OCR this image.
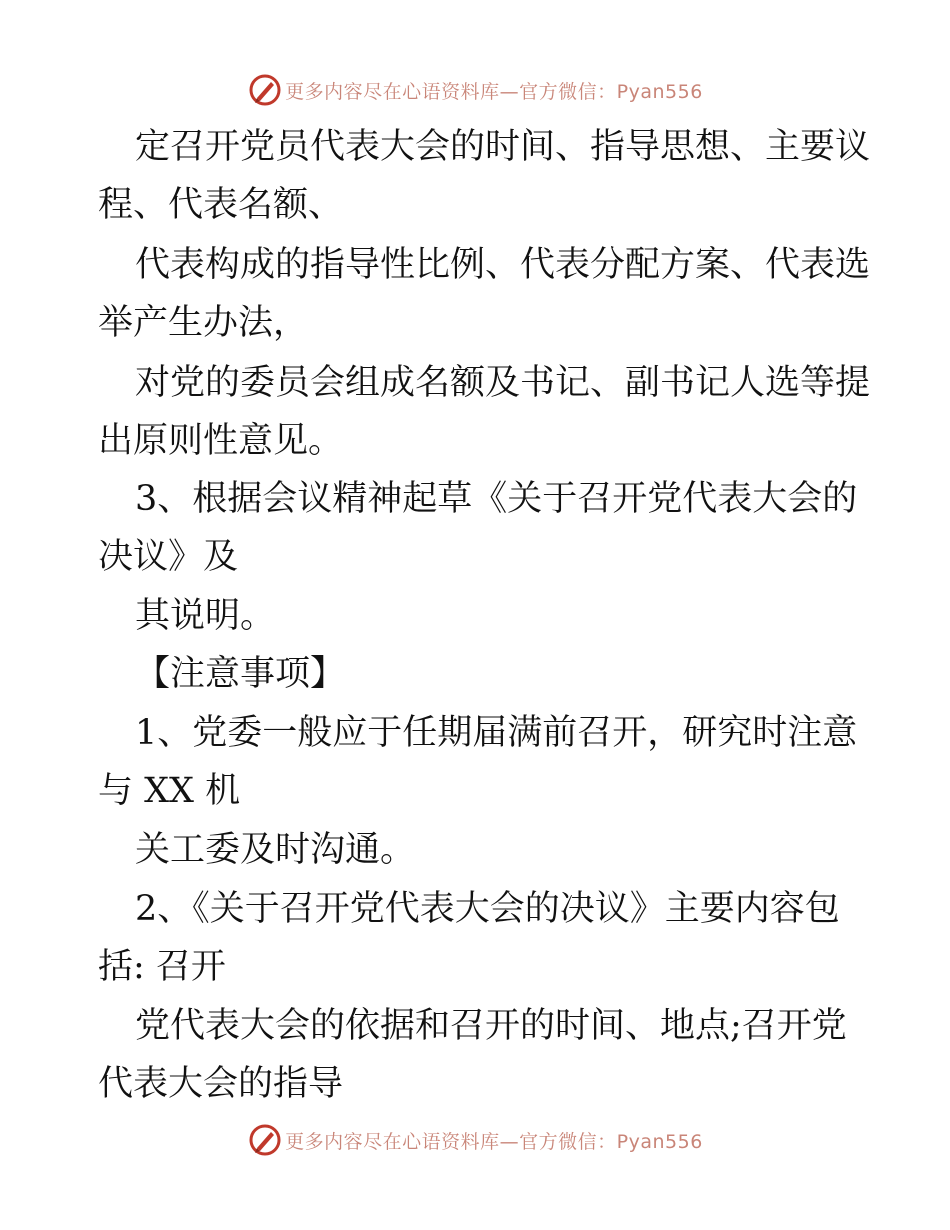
更多内容尽在心语资料库—官方微信：Pyan556
定召开党员代表大会的时间、指导思想、主要议
程、代表名额、
代表构成的指导性比例、代表分配方案、代表选
举产生办法，
对党的委员会组成名额及书记、副书记人选等提
出原则性意见。
3、根据会议精神起草《关于召开党代表大会的
决议》及
其说明。
【注意事项】
1、党委一般应于任期届满前召开，研究时注意
与 XX 机
关工委及时沟通。
2、《关于召开党代表大会的决议》主要内容包
括: 召开
党代表大会的依据和召开的时间、地点;召开党
代表大会的指导
更多内容尽在心语资料库—官方微信：Pyan556
